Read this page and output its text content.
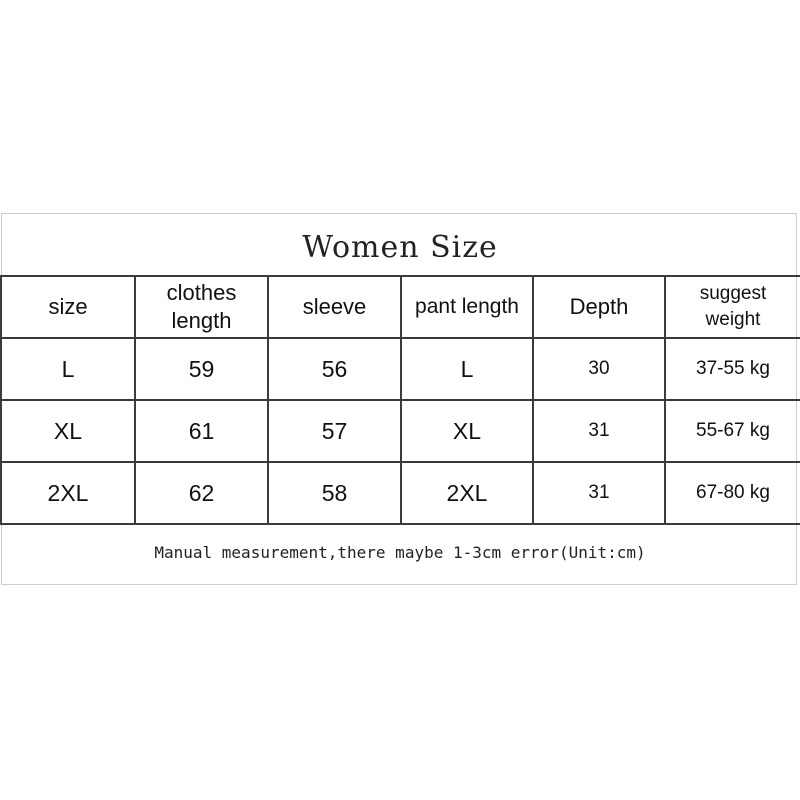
Women Size
size	clothes length	sleeve	pant length	Depth	suggest weight
L	59	56	L	30	37-55 kg
XL	61	57	XL	31	55-67 kg
2XL	62	58	2XL	31	67-80 kg
Manual measurement,there maybe 1-3cm error(Unit:cm)
